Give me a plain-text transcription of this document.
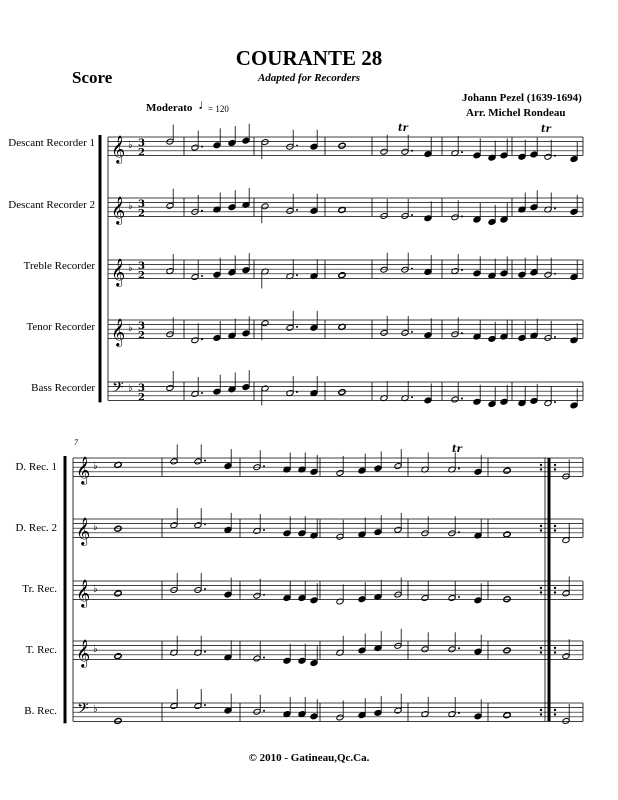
COURANTE 28
Adapted for Recorders
Score
Johann Pezel (1639-1694)
Arr. Michel Rondeau
Moderato ♩
= 120
Descant Recorder 1
Descant Recorder 2
Treble Recorder
Tenor Recorder
Bass Recorder
D. Rec. 1
D. Rec. 2
Tr. Rec.
T. Rec.
B. Rec.
7
© 2010 - Gatineau,Qc.Ca.
𝄞 ♭ 3
2
𝄞 ♭ 3
2
𝄞 ♭ 3
2
𝄞 ♭ 3
2
𝄢 ♭ 3
2
𝄞 ♭
𝄞 ♭
𝄞 ♭
𝄞 ♭
𝄢 ♭
tr	tr
tr
